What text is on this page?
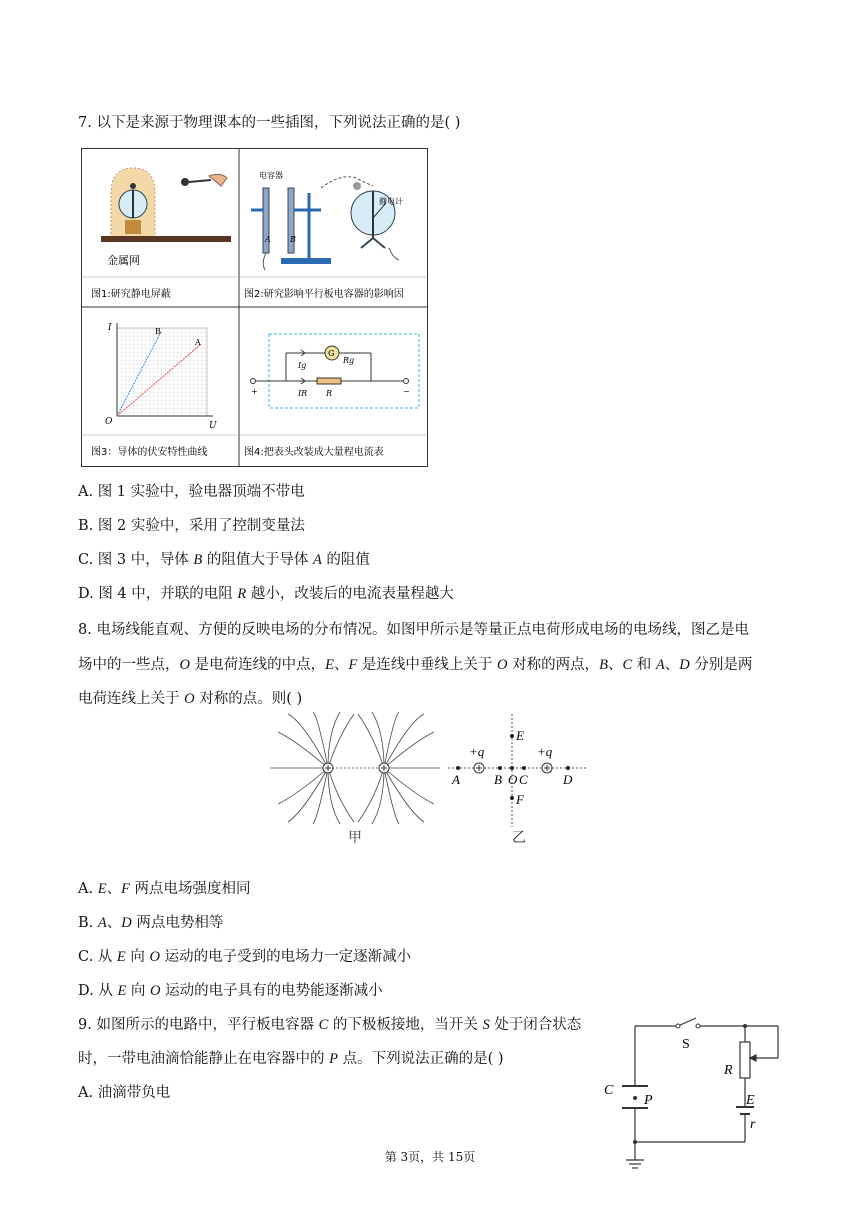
7. 以下是来源于物理课本的一些插图，下列说法正确的是( )
金属网
电容器
静电计
A B
I
U
O
A
B
G
Rg
Ig
IR R
+	−
图1:研究静电屏蔽	图2:研究影响平行板电容器的影响因
图3：导体的伏安特性曲线	图4:把表头改装成大量程电流表
A. 图 1 实验中，验电器顶端不带电
B. 图 2 实验中，采用了控制变量法
C. 图 3 中，导体 B 的阻值大于导体 A 的阻值
D. 图 4 中，并联的电阻 R 越小，改装后的电流表量程越大
8. 电场线能直观、方便的反映电场的分布情况。如图甲所示是等量正点电荷形成电场的电场线，图乙是电
场中的一些点，O 是电荷连线的中点，E、F 是连线中垂线上关于 O 对称的两点，B、C 和 A、D 分别是两
电荷连线上关于 O 对称的点。则( )
E
F
A	B O C	D
+q	+q
甲	乙
A. E、F 两点电场强度相同
B. A、D 两点电势相等
C. 从 E 向 O 运动的电子受到的电场力一定逐渐减小
D. 从 E 向 O 运动的电子具有的电势能逐渐减小
9. 如图所示的电路中，平行板电容器 C 的下极板接地，当开关 S 处于闭合状态
时，一带电油滴恰能静止在电容器中的 P 点。下列说法正确的是( )
A. 油滴带负电
S
R
C
P	E
r
第 3页，共 15页
